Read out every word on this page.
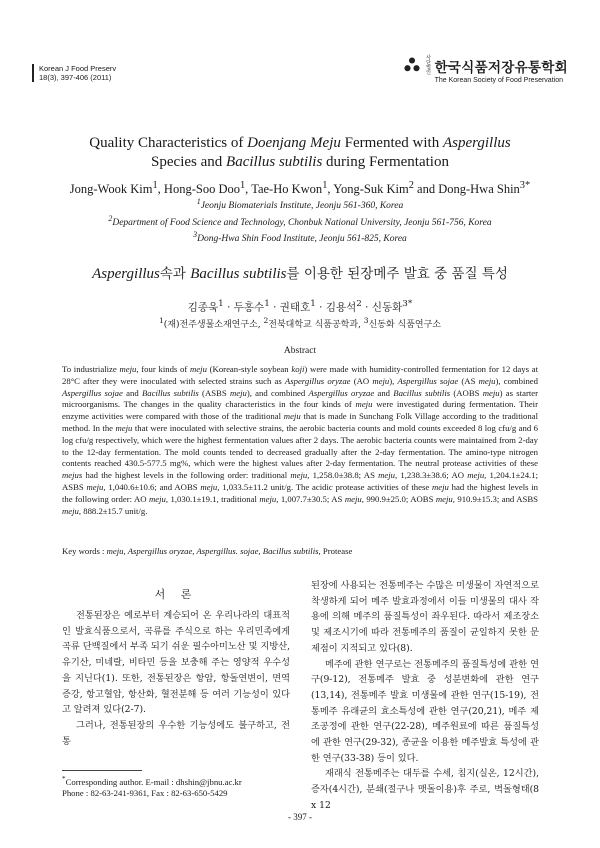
Korean J Food Preserv
18(3), 397-406 (2011)
사단
법인 한국식품저장유통학회
The Korean Society of Food Preservation
Quality Characteristics of Doenjang Meju Fermented with Aspergillus
Species and Bacillus subtilis during Fermentation
Jong-Wook Kim$^1$, Hong-Soo Doo$^1$, Tae-Ho Kwon$^1$, Yong-Suk Kim$^2$ and Dong-Hwa Shin$^{3*}$
$^1$Jeonju Biomaterials Institute, Jeonju 561-360, Korea
$^2$Department of Food Science and Technology, Chonbuk National University, Jeonju 561-756, Korea
$^3$Dong-Hwa Shin Food Institute, Jeonju 561-825, Korea
Aspergillus속과 Bacillus subtilis를 이용한 된장메주 발효 중 품질 특성
김종욱$^1$ · 두홍수$^1$ · 권태호$^1$ · 김용석$^2$ · 신동화$^{3*}$
$^1$(재)전주생물소재연구소, $^2$전북대학교 식품공학과, $^3$신동화 식품연구소
Abstract
To industrialize meju, four kinds of meju (Korean-style soybean koji) were made with humidity-controlled fermentation for 12 days at 28°C after they were inoculated with selected strains such as Aspergillus oryzae (AO meju), Aspergillus sojae (AS meju), combined Aspergillus sojae and Bacillus subtilis (ASBS meju), and combined Aspergillus oryzae and Bacillus subtilis (AOBS meju) as starter microorganisms. The changes in the quality characteristics in the four kinds of meju were investigated during fermentation. Their enzyme activities were compared with those of the traditional meju that is made in Sunchang Folk Village according to the traditional method. In the meju that were inoculated with selective strains, the aerobic bacteria counts and mold counts exceeded 8 log cfu/g and 6 log cfu/g respectively, which were the highest fermentation values after 2 days. The aerobic bacteria counts were maintained from 2-day to the 12-day fermentation. The mold counts tended to decreased gradually after the 2-day fermentation. The amino-type nitrogen contents reached 430.5-577.5 mg%, which were the highest values after 2-day fermentation. The neutral protease activities of these mejus had the highest levels in the following order: traditional meju, 1,258.0±38.8; AS meju, 1,238.3±38.6; AO meju, 1,204.1±24.1; ASBS meju, 1,040.6±10.6; and AOBS meju, 1,033.5±11.2 unit/g. The acidic protease activities of these meju had the highest levels in the following order: AO meju, 1,030.1±19.1, traditional meju, 1,007.7±30.5; AS meju, 990.9±25.0; AOBS meju, 910.9±15.3; and ASBS meju, 888.2±15.7 unit/g.
Key words : meju, Aspergillus oryzae, Aspergillus. sojae, Bacillus subtilis, Protease
서 론

전통된장은 예로부터 계승되어 온 우리나라의 대표적인 발효식품으로서, 곡류를 주식으로 하는 우리민족에게 곡류 단백질에서 부족 되기 쉬운 필수아미노산 및 지방산, 유기산, 미네랄, 비타민 등을 보충해 주는 영양적 우수성을 지닌다(1). 또한, 전통된장은 항암, 항돌연변이, 면역증강, 항고혈압, 항산화, 혈전분해 등 여러 기능성이 있다고 알려져 있다(2-7).

그러나, 전통된장의 우수한 기능성에도 불구하고, 전통

된장에 사용되는 전통메주는 수많은 미생물이 자연적으로 착생하게 되어 메주 발효과정에서 이들 미생물의 대사 작용에 의해 메주의 품질특성이 좌우된다. 따라서 제조장소 및 제조시기에 따라 전통메주의 품질이 균일하지 못한 문제점이 지적되고 있다(8).

메주에 관한 연구로는 전통메주의 품질특성에 관한 연구(9-12), 전통메주 발효 중 성분변화에 관한 연구(13,14), 전통메주 발효 미생물에 관한 연구(15-19), 전통메주 유래균의 효소특성에 관한 연구(20,21), 메주 제조공정에 관한 연구(22-28), 메주원료에 따른 품질특성에 관한 연구(29-32), 종균을 이용한 메주발효 특성에 관한 연구(33-38) 등이 있다.

재래식 전통메주는 대두를 수세, 침지(실온, 12시간), 증자(4시간), 분쇄(절구나 맷돌이용)후 주로, 벽돌형태(8 x 12

*Corresponding author. E-mail : dhshin@jbnu.ac.kr
Phone : 82-63-241-9361, Fax : 82-63-650-5429
- 397 -
